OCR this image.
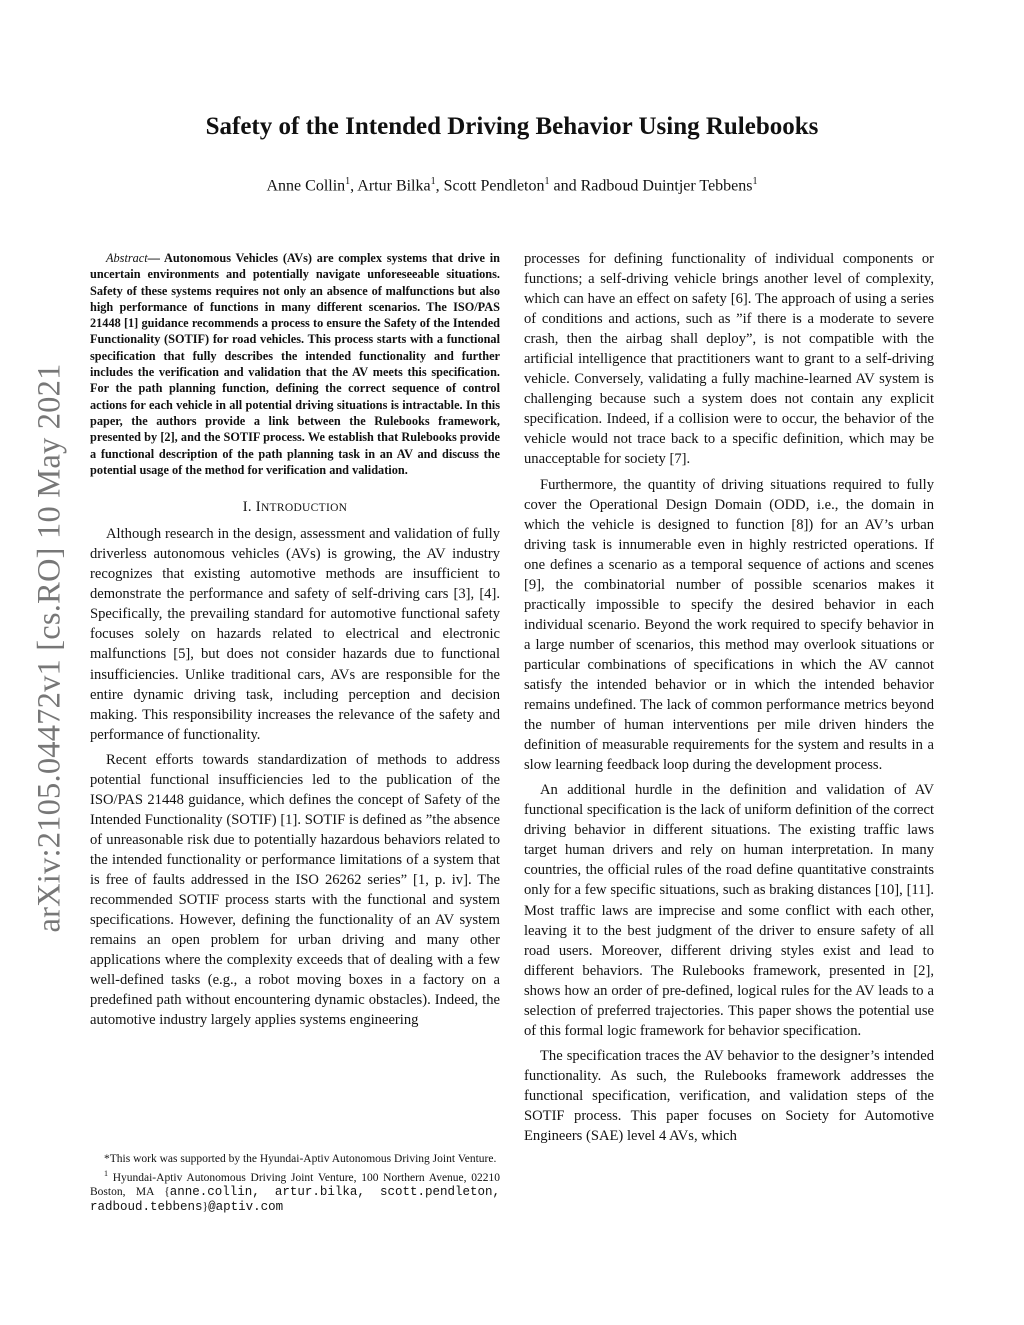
arXiv:2105.04472v1 [cs.RO] 10 May 2021
Safety of the Intended Driving Behavior Using Rulebooks
Anne Collin$^1$, Artur Bilka$^1$, Scott Pendleton$^1$ and Radboud Duintjer Tebbens$^1$

Abstract— Autonomous Vehicles (AVs) are complex systems that drive in uncertain environments and potentially navigate unforeseeable situations. Safety of these systems requires not only an absence of malfunctions but also high performance of functions in many different scenarios. The ISO/PAS 21448 [1] guidance recommends a process to ensure the Safety of the Intended Functionality (SOTIF) for road vehicles. This process starts with a functional specification that fully describes the intended functionality and further includes the verification and validation that the AV meets this specification. For the path planning function, defining the correct sequence of control actions for each vehicle in all potential driving situations is intractable. In this paper, the authors provide a link between the Rulebooks framework, presented by [2], and the SOTIF process. We establish that Rulebooks provide a functional description of the path planning task in an AV and discuss the potential usage of the method for verification and validation.

I. INTRODUCTION

Although research in the design, assessment and validation of fully driverless autonomous vehicles (AVs) is growing, the AV industry recognizes that existing automotive methods are insufficient to demonstrate the performance and safety of self-driving cars [3], [4]. Specifically, the prevailing standard for automotive functional safety focuses solely on hazards related to electrical and electronic malfunctions [5], but does not consider hazards due to functional insufficiencies. Unlike traditional cars, AVs are responsible for the entire dynamic driving task, including perception and decision making. This responsibility increases the relevance of the safety and performance of functionality.

Recent efforts towards standardization of methods to address potential functional insufficiencies led to the publication of the ISO/PAS 21448 guidance, which defines the concept of Safety of the Intended Functionality (SOTIF) [1]. SOTIF is defined as ”the absence of unreasonable risk due to potentially hazardous behaviors related to the intended functionality or performance limitations of a system that is free of faults addressed in the ISO 26262 series” [1, p. iv]. The recommended SOTIF process starts with the functional and system specifications. However, defining the functionality of an AV system remains an open problem for urban driving and many other applications where the complexity exceeds that of dealing with a few well-defined tasks (e.g., a robot moving boxes in a factory on a predefined path without encountering dynamic obstacles). Indeed, the automotive industry largely applies systems engineering

processes for defining functionality of individual components or functions; a self-driving vehicle brings another level of complexity, which can have an effect on safety [6]. The approach of using a series of conditions and actions, such as ”if there is a moderate to severe crash, then the airbag shall deploy”, is not compatible with the artificial intelligence that practitioners want to grant to a self-driving vehicle. Conversely, validating a fully machine-learned AV system is challenging because such a system does not contain any explicit specification. Indeed, if a collision were to occur, the behavior of the vehicle would not trace back to a specific definition, which may be unacceptable for society [7].

Furthermore, the quantity of driving situations required to fully cover the Operational Design Domain (ODD, i.e., the domain in which the vehicle is designed to function [8]) for an AV’s urban driving task is innumerable even in highly restricted operations. If one defines a scenario as a temporal sequence of actions and scenes [9], the combinatorial number of possible scenarios makes it practically impossible to specify the desired behavior in each individual scenario. Beyond the work required to specify behavior in a large number of scenarios, this method may overlook situations or particular combinations of specifications in which the AV cannot satisfy the intended behavior or in which the intended behavior remains undefined. The lack of common performance metrics beyond the number of human interventions per mile driven hinders the definition of measurable requirements for the system and results in a slow learning feedback loop during the development process.

An additional hurdle in the definition and validation of AV functional specification is the lack of uniform definition of the correct driving behavior in different situations. The existing traffic laws target human drivers and rely on human interpretation. In many countries, the official rules of the road define quantitative constraints only for a few specific situations, such as braking distances [10], [11]. Most traffic laws are imprecise and some conflict with each other, leaving it to the best judgment of the driver to ensure safety of all road users. Moreover, different driving styles exist and lead to different behaviors. The Rulebooks framework, presented in [2], shows how an order of pre-defined, logical rules for the AV leads to a selection of preferred trajectories. This paper shows the potential use of this formal logic framework for behavior specification.

The specification traces the AV behavior to the designer’s intended functionality. As such, the Rulebooks framework addresses the functional specification, verification, and validation steps of the SOTIF process. This paper focuses on Society for Automotive Engineers (SAE) level 4 AVs, which

*This work was supported by the Hyundai-Aptiv Autonomous Driving Joint Venture.

$^1$ Hyundai-Aptiv Autonomous Driving Joint Venture, 100 Northern Avenue, 02210 Boston, MA {anne.collin, artur.bilka, scott.pendleton, radboud.tebbens}@aptiv.com
